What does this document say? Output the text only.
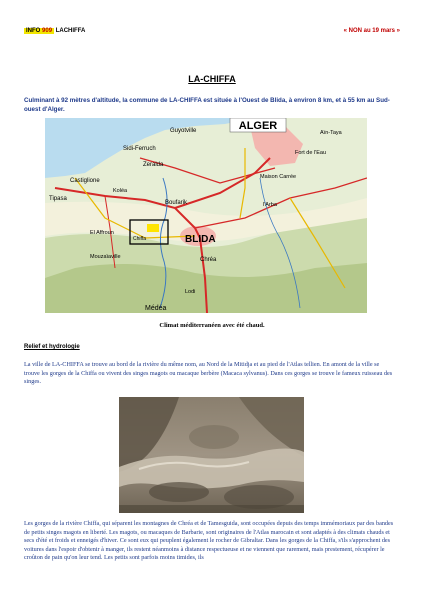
INFO 909 LACHIFFA	« NON au 19 mars »
LA-CHIFFA

Culminant à 92 mètres d'altitude, la commune de LA-CHIFFA est située à l'Ouest de Blida, à environ 8 km, et à 55 km au Sud-ouest d'Alger.

ALGER
BLIDA
Chiffa
Chréa
Médéa
Tipasa
Zeralda
Guyotville
Sidi-Ferruch
Castiglione
Boufarik
Maison Carrée
Koléa
l'Arba
Aïn-Taya
Fort de l'Eau
Mouzaïaville
El Affroun
Lodi
Climat méditerranéen avec été chaud.
Relief et hydrologie

La ville de LA-CHIFFA se trouve au bord de la rivière du même nom, au Nord de la Mitidja et au pied de l'Atlas tellien. En amont de la ville se trouve les gorges de la Chiffa ou vivent des singes magots ou macaque berbère (Macaca sylvanus). Dans ces gorges se trouve le fameux ruisseau des singes.

Les gorges de la rivière Chiffa, qui séparent les montagnes de Chréa et de Tamesguida, sont occupées depuis des temps immémoriaux par des bandes de petits singes magots en liberté. Les magots, ou macaques de Barbarie, sont originaires de l'Atlas marocain et sont adaptés à des climats chauds et secs d'été et froids et enneigés d'hiver. Ce sont eux qui peuplent également le rocher de Gibraltar. Dans les gorges de la Chiffa, s'ils s'approchent des voitures dans l'espoir d'obtenir à manger, ils restent néanmoins à distance respectueuse et ne viennent que rarement, mais prestement, récupérer le croûton de pain qu'on leur tend. Les petits sont parfois moins timides, ils
